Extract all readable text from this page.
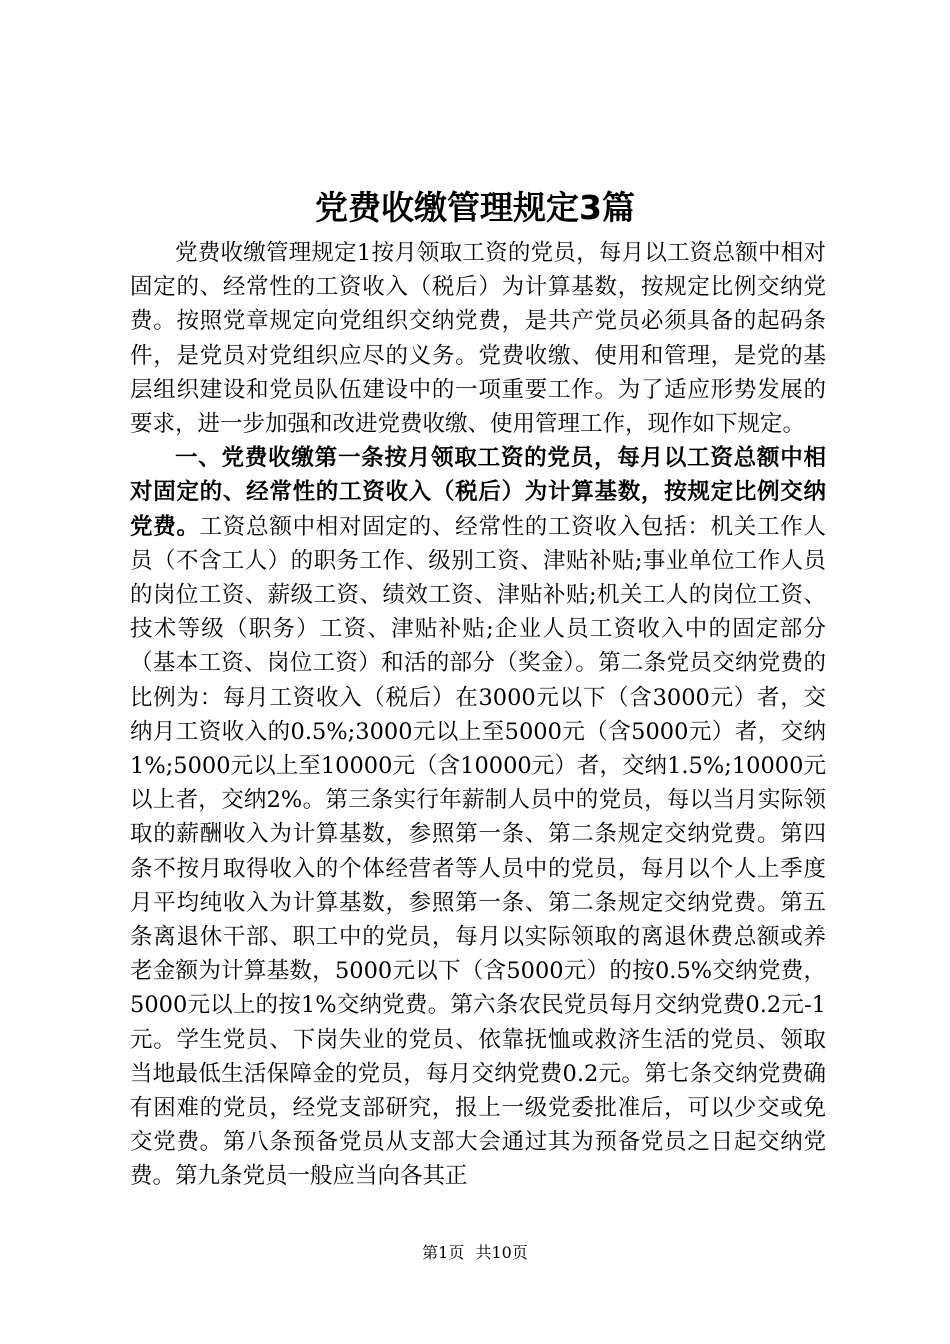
党费收缴管理规定3篇

党费收缴管理规定1按月领取工资的党员，每月以工资总额中相对固定的、经常性的工资收入（税后）为计算基数，按规定比例交纳党费。按照党章规定向党组织交纳党费，是共产党员必须具备的起码条件，是党员对党组织应尽的义务。党费收缴、使用和管理，是党的基层组织建设和党员队伍建设中的一项重要工作。为了适应形势发展的要求，进一步加强和改进党费收缴、使用管理工作，现作如下规定。

一、党费收缴第一条按月领取工资的党员，每月以工资总额中相对固定的、经常性的工资收入（税后）为计算基数，按规定比例交纳党费。工资总额中相对固定的、经常性的工资收入包括：机关工作人员（不含工人）的职务工作、级别工资、津贴补贴;事业单位工作人员的岗位工资、薪级工资、绩效工资、津贴补贴;机关工人的岗位工资、技术等级（职务）工资、津贴补贴;企业人员工资收入中的固定部分（基本工资、岗位工资）和活的部分（奖金）。第二条党员交纳党费的比例为：每月工资收入（税后）在3000元以下（含3000元）者，交纳月工资收入的0.5%;3000元以上至5000元（含5000元）者，交纳1%;5000元以上至10000元（含10000元）者，交纳1.5%;10000元以上者，交纳2%。第三条实行年薪制人员中的党员，每以当月实际领取的薪酬收入为计算基数，参照第一条、第二条规定交纳党费。第四条不按月取得收入的个体经营者等人员中的党员，每月以个人上季度月平均纯收入为计算基数，参照第一条、第二条规定交纳党费。第五条离退休干部、职工中的党员，每月以实际领取的离退休费总额或养老金额为计算基数，5000元以下（含5000元）的按0.5%交纳党费，5000元以上的按1%交纳党费。第六条农民党员每月交纳党费0.2元-1元。学生党员、下岗失业的党员、依靠抚恤或救济生活的党员、领取当地最低生活保障金的党员，每月交纳党费0.2元。第七条交纳党费确有困难的党员，经党支部研究，报上一级党委批准后，可以少交或免交党费。第八条预备党员从支部大会通过其为预备党员之日起交纳党费。第九条党员一般应当向各其正

第1页 共10页
